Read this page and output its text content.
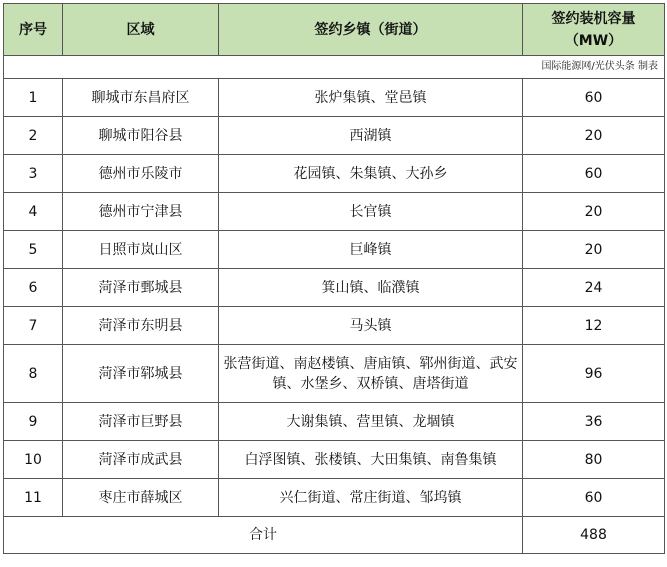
序号	区域	签约乡镇（街道）	签约装机容量
（MW）
国际能源网/光伏头条 制表			
1	聊城市东昌府区	张炉集镇、堂邑镇	60
2	聊城市阳谷县	西湖镇	20
3	德州市乐陵市	花园镇、朱集镇、大孙乡	60
4	德州市宁津县	长官镇	20
5	日照市岚山区	巨峰镇	20
6	菏泽市鄄城县	箕山镇、临濮镇	24
7	菏泽市东明县	马头镇	12
8	菏泽市郓城县	张营街道、南赵楼镇、唐庙镇、郓州街道、武安镇、水堡乡、双桥镇、唐塔街道	96
9	菏泽市巨野县	大谢集镇、营里镇、龙堌镇	36
10	菏泽市成武县	白浮图镇、张楼镇、大田集镇、南鲁集镇	80
11	枣庄市薛城区	兴仁街道、常庄街道、邹坞镇	60
合计			488
